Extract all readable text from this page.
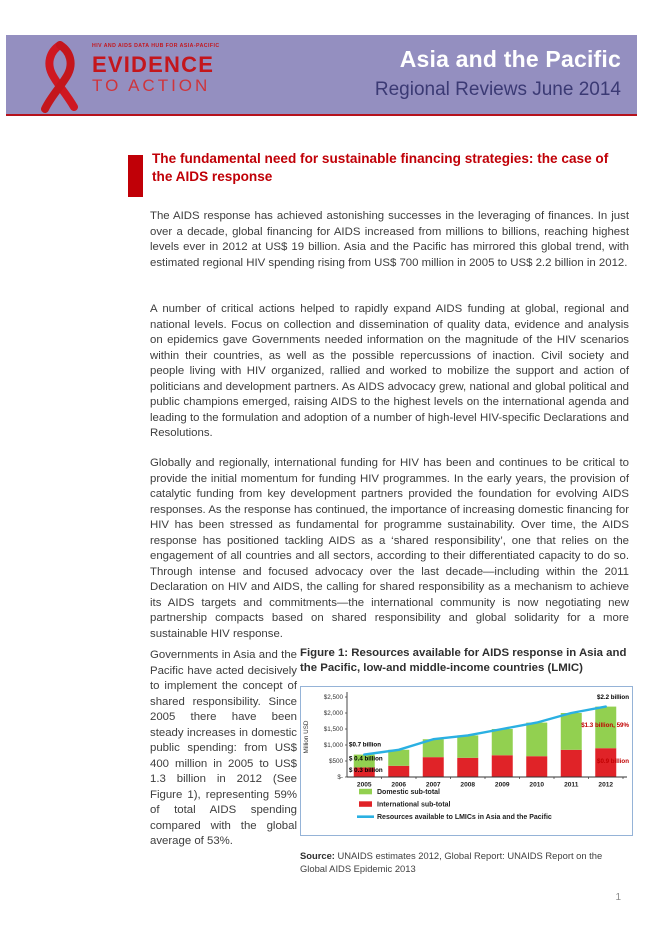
HIV AND AIDS DATA HUB FOR ASIA-PACIFIC
EVIDENCE
TO ACTION
Asia and the Pacific
Regional Reviews June 2014
The fundamental need for sustainable financing strategies: the case of the AIDS response

The AIDS response has achieved astonishing successes in the leveraging of finances. In just over a decade, global financing for AIDS increased from millions to billions, reaching highest levels ever in 2012 at US$ 19 billion. Asia and the Pacific has mirrored this global trend, with estimated regional HIV spending rising from US$ 700 million in 2005 to US$ 2.2 billion in 2012.

A number of critical actions helped to rapidly expand AIDS funding at global, regional and national levels. Focus on collection and dissemination of quality data, evidence and analysis on epidemics gave Governments needed information on the magnitude of the HIV scenarios within their countries, as well as the possible repercussions of inaction. Civil society and people living with HIV organized, rallied and worked to mobilize the support and action of politicians and development partners. As AIDS advocacy grew, national and global political and public champions emerged, raising AIDS to the highest levels on the international agenda and leading to the formulation and adoption of a number of high-level HIV-specific Declarations and Resolutions.

Globally and regionally, international funding for HIV has been and continues to be critical to provide the initial momentum for funding HIV programmes. In the early years, the provision of catalytic funding from key development partners provided the foundation for evolving AIDS responses. As the response has continued, the importance of increasing domestic financing for HIV has been stressed as fundamental for programme sustainability. Over time, the AIDS response has positioned tackling AIDS as a ‘shared responsibility’, one that relies on the engagement of all countries and all sectors, according to their differentiated capacity to do so. Through intense and focused advocacy over the last decade—including within the 2011 Declaration on HIV and AIDS, the calling for shared responsibility as a mechanism to achieve its AIDS targets and commitments—the international community is now negotiating new partnership compacts based on shared responsibility and global solidarity for a more sustainable HIV response.

Governments in Asia and the Pacific have acted decisively to implement the concept of shared responsibility. Since 2005 there have been steady increases in domestic public spending: from US$ 400 million in 2005 to US$ 1.3 billion in 2012 (See Figure 1), representing 59% of total AIDS spending compared with the global average of 53%.

Figure 1: Resources available for AIDS response in Asia and the Pacific, low-and middle-income countries (LMIC)
$-
$500
$1,000
$1,500
$2,000
$2,500
Million USD
2005	2006	2007	2008	2009	2010	2011	2012
$0.7 billion
$ 0.4 billion
$ 0.3 billion
$2.2 billion
$1.3 billion, 59%
$0.9 billion
Domestic sub-total
International sub-total
Resources available to LMICs in Asia and the Pacific

Source: UNAIDS estimates 2012, Global Report: UNAIDS Report on the Global AIDS Epidemic 2013

1
